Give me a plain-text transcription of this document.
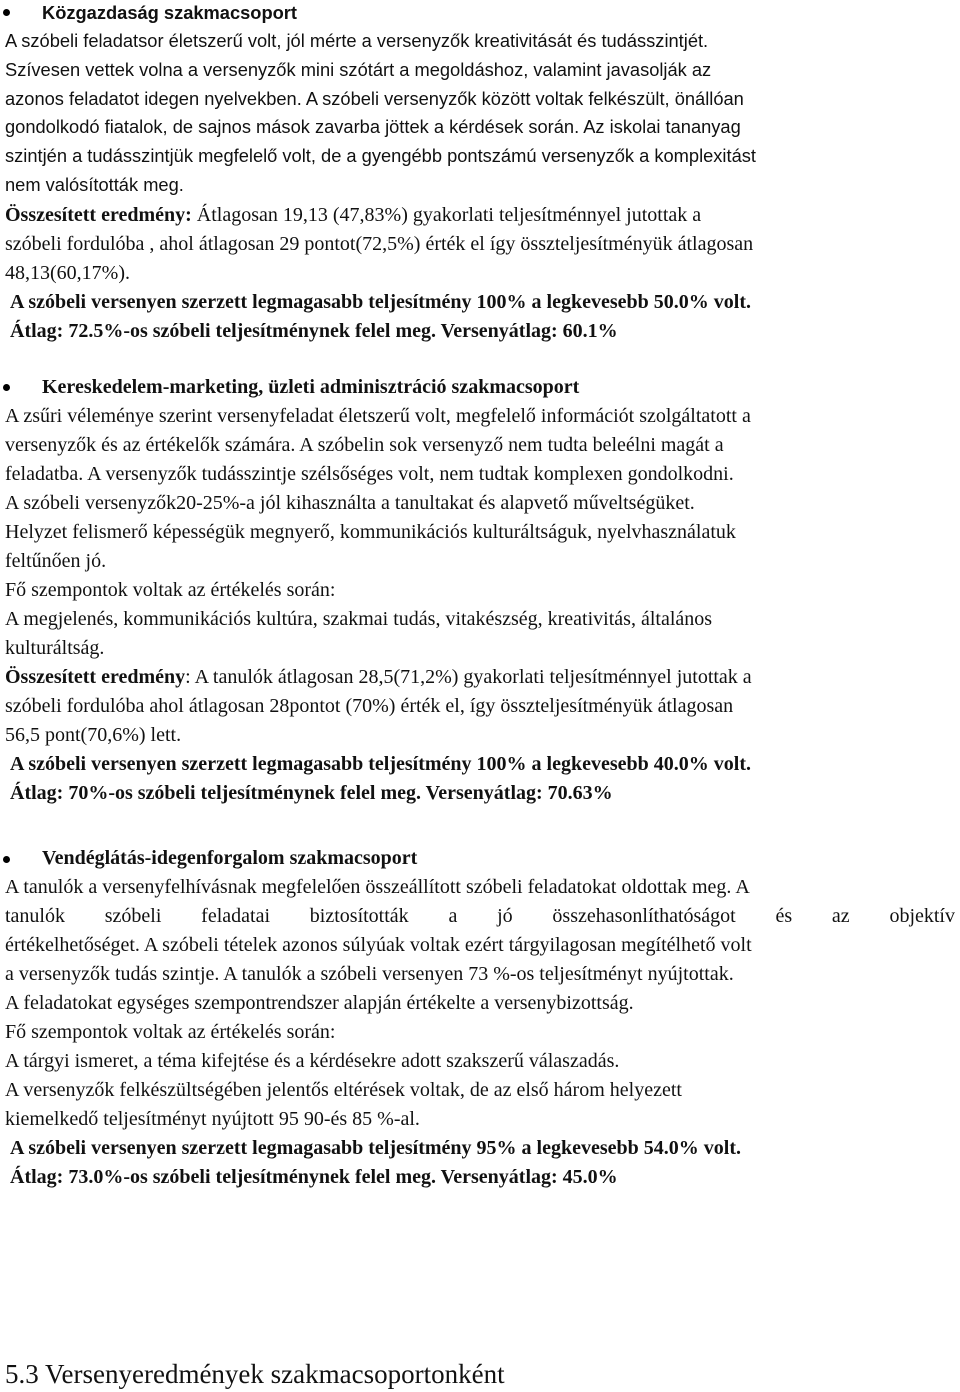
Közgazdaság szakmacsoport
A szóbeli feladatsor életszerű volt, jól mérte a versenyzők kreativitását és tudásszintjét.
Szívesen vettek volna a versenyzők mini szótárt a megoldáshoz, valamint javasolják az
azonos feladatot idegen nyelvekben. A szóbeli versenyzők között voltak felkészült, önállóan
gondolkodó fiatalok, de sajnos mások zavarba jöttek a kérdések során. Az iskolai tananyag
szintjén a tudásszintjük megfelelő volt, de a gyengébb pontszámú versenyzők a komplexitást
nem valósították meg.
Összesített eredmény: Átlagosan 19,13 (47,83%) gyakorlati teljesítménnyel jutottak a
szóbeli fordulóba , ahol átlagosan 29 pontot(72,5%) érték el így összteljesítményük átlagosan
48,13(60,17%).
A szóbeli versenyen szerzett legmagasabb teljesítmény 100% a legkevesebb 50.0% volt.
Átlag: 72.5%-os szóbeli teljesítménynek felel meg. Versenyátlag: 60.1%
Kereskedelem-marketing, üzleti adminisztráció szakmacsoport
A zsűri véleménye szerint versenyfeladat életszerű volt, megfelelő információt szolgáltatott a
versenyzők és az értékelők számára. A szóbelin sok versenyző nem tudta beleélni magát a
feladatba. A versenyzők tudásszintje szélsőséges volt, nem tudtak komplexen gondolkodni.
A szóbeli versenyzők20-25%-a jól kihasználta a tanultakat és alapvető műveltségüket.
Helyzet felismerő képességük megnyerő, kommunikációs kulturáltságuk, nyelvhasználatuk
feltűnően jó.
Fő szempontok voltak az értékelés során:
A megjelenés, kommunikációs kultúra, szakmai tudás, vitakészség, kreativitás, általános
kulturáltság.
Összesített eredmény: A tanulók átlagosan 28,5(71,2%) gyakorlati teljesítménnyel jutottak a
szóbeli fordulóba ahol átlagosan 28pontot (70%) érték el, így összteljesítményük átlagosan
56,5 pont(70,6%) lett.
A szóbeli versenyen szerzett legmagasabb teljesítmény 100% a legkevesebb 40.0% volt.
Átlag: 70%-os szóbeli teljesítménynek felel meg. Versenyátlag: 70.63%
Vendéglátás-idegenforgalom szakmacsoport
A tanulók a versenyfelhívásnak megfelelően összeállított szóbeli feladatokat oldottak meg. A
tanulók szóbeli feladatai biztosították a jó összehasonlíthatóságot és az objektív
értékelhetőséget. A szóbeli tételek azonos súlyúak voltak ezért tárgyilagosan megítélhető volt
a versenyzők tudás szintje. A tanulók a szóbeli versenyen 73 %-os teljesítményt nyújtottak.
A feladatokat egységes szempontrendszer alapján értékelte a versenybizottság.
Fő szempontok voltak az értékelés során:
A tárgyi ismeret, a téma kifejtése és a kérdésekre adott szakszerű válaszadás.
A versenyzők felkészültségében jelentős eltérések voltak, de az első három helyezett
kiemelkedő teljesítményt nyújtott 95 90-és 85 %-al.
A szóbeli versenyen szerzett legmagasabb teljesítmény 95% a legkevesebb 54.0% volt.
Átlag: 73.0%-os szóbeli teljesítménynek felel meg. Versenyátlag: 45.0%
5.3 Versenyeredmények szakmacsoportonként
